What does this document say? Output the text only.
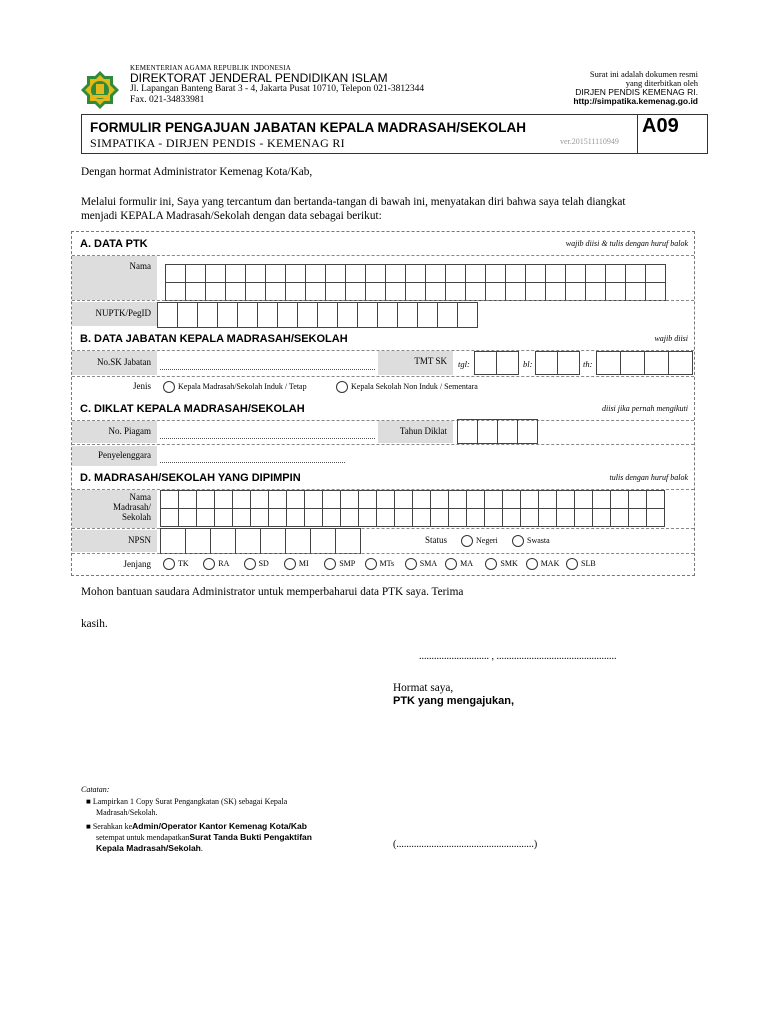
KEMENTERIAN AGAMA REPUBLIK INDONESIA
DIREKTORAT JENDERAL PENDIDIKAN ISLAM
Jl. Lapangan Banteng Barat 3 - 4, Jakarta Pusat 10710, Telepon 021-3812344
Fax. 021-34833981
Surat ini adalah dokumen resmi
yang diterbitkan oleh
DIRJEN PENDIS KEMENAG RI.
http://simpatika.kemenag.go.id
FORMULIR PENGAJUAN JABATAN KEPALA MADRASAH/SEKOLAH
SIMPATIKA - DIRJEN PENDIS - KEMENAG RI	ver.201511110949
A09
Dengan hormat Administrator Kemenag Kota/Kab,
Melalui formulir ini, Saya yang tercantum dan bertanda-tangan di bawah ini, menyatakan diri bahwa saya telah diangkat
menjadi KEPALA Madrasah/Sekolah dengan data sebagai berikut:
A. DATA PTK	wajib diisi & tulis dengan huruf balok
Nama
NUPTK/PegID
B. DATA JABATAN KEPALA MADRASAH/SEKOLAH	wajib diisi
No.SK Jabatan	TMT SK	tgl:	bl:	th:
Jenis	Kepala Madrasah/Sekolah Induk / Tetap	Kepala Sekolah Non Induk / Sementara
C. DIKLAT KEPALA MADRASAH/SEKOLAH	diisi jika pernah mengikuti
No. Piagam	Tahun Diklat
Penyelenggara
D. MADRASAH/SEKOLAH YANG DIPIMPIN	tulis dengan huruf balok
Nama
Madrasah/
Sekolah
NPSN	Status	Negeri	Swasta
Jenjang	TK	RA	SD	MI	SMP	MTs	SMA	MA	SMK	MAK	SLB
Mohon bantuan saudara Administrator untuk memperbaharui data PTK saya. Terima
kasih.
............................ , ................................................
Hormat saya,
PTK yang mengajukan,
(.......................................................)
Catatan:
■ Lampirkan 1 Copy Surat Pengangkatan (SK) sebagai Kepala
Madrasah/Sekolah.
■ Serahkan keAdmin/Operator Kantor Kemenag Kota/Kab
setempat untuk mendapatkanSurat Tanda Bukti Pengaktifan
Kepala Madrasah/Sekolah.
